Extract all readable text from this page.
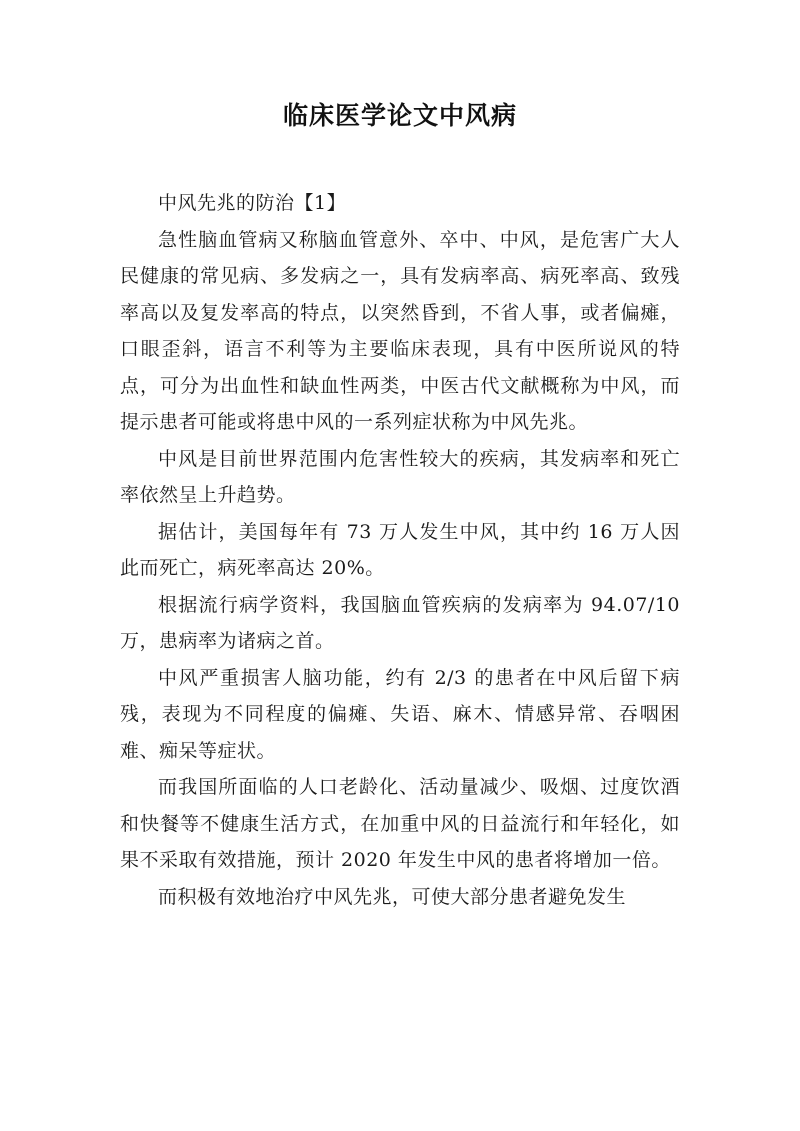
临床医学论文中风病

中风先兆的防治【1】

急性脑血管病又称脑血管意外、卒中、中风，是危害广大人民健康的常见病、多发病之一，具有发病率高、病死率高、致残率高以及复发率高的特点，以突然昏到，不省人事，或者偏瘫，口眼歪斜，语言不利等为主要临床表现，具有中医所说风的特点，可分为出血性和缺血性两类，中医古代文献概称为中风，而提示患者可能或将患中风的一系列症状称为中风先兆。

中风是目前世界范围内危害性较大的疾病，其发病率和死亡率依然呈上升趋势。

据估计，美国每年有 73 万人发生中风，其中约 16 万人因此而死亡，病死率高达 20%。

根据流行病学资料，我国脑血管疾病的发病率为 94.07/10 万，患病率为诸病之首。

中风严重损害人脑功能，约有 2/3 的患者在中风后留下病残，表现为不同程度的偏瘫、失语、麻木、情感异常、吞咽困难、痴呆等症状。

而我国所面临的人口老龄化、活动量减少、吸烟、过度饮酒和快餐等不健康生活方式，在加重中风的日益流行和年轻化，如果不采取有效措施，预计 2020 年发生中风的患者将增加一倍。

而积极有效地治疗中风先兆，可使大部分患者避免发生
